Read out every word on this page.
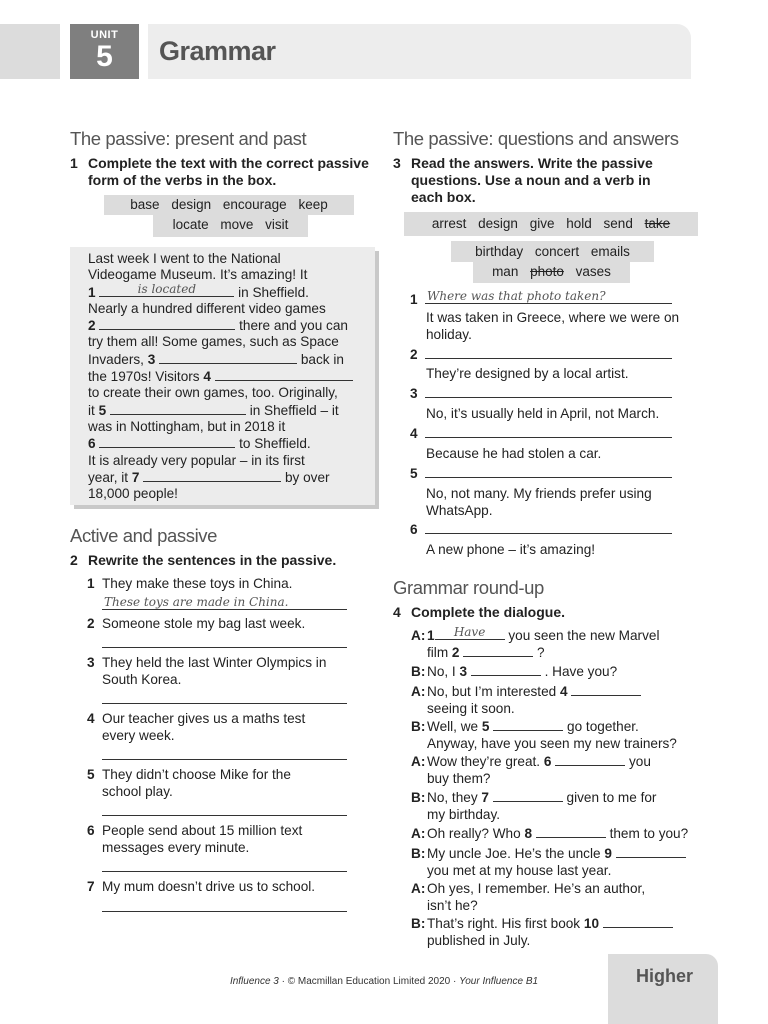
UNIT
5	Grammar
The passive: present and past
1 Complete the text with the correct passive form of the verbs in the box.
base design encourage keep
locate move visit

Last week I went to the National

Videogame Museum. It’s amazing! It

1	is located	in Sheffield.

Nearly a hundred different video games

2	there and you can

try them all! Some games, such as Space

Invaders, 3	back in

the 1970s! Visitors 4

to create their own games, too. Originally,

it 5	in Sheffield – it

was in Nottingham, but in 2018 it

6	to Sheffield.

It is already very popular – in its first

year, it 7	by over

18,000 people!

Active and passive
2 Rewrite the sentences in the passive.
1 They make these toys in China.
These toys are made in China.
2 Someone stole my bag last week.
3 They held the last Winter Olympics in South Korea.
4 Our teacher gives us a maths test every week.
5 They didn’t choose Mike for the school play.
6 People send about 15 million text messages every minute.
7 My mum doesn’t drive us to school.
The passive: questions and answers
3 Read the answers. Write the passive questions. Use a noun and a verb in each box.
arrest design give hold send take
birthday concert emails
man photo vases
1 Where was that photo taken?
It was taken in Greece, where we were on holiday.
2
They’re designed by a local artist.
3
No, it’s usually held in April, not March.
4
Because he had stolen a car.
5
No, not many. My friends prefer using WhatsApp.
6
A new phone – it’s amazing!
Grammar round-up
4 Complete the dialogue.
A: 1	Have	you seen the new Marvel
film 2	?
B: No, I 3	. Have you?
A: No, but I’m interested 4
seeing it soon.
B: Well, we 5	go together.
Anyway, have you seen my new trainers?
A: Wow they’re great. 6	you
buy them?
B: No, they 7	given to me for
my birthday.
A: Oh really? Who 8	them to you?
B: My uncle Joe. He’s the uncle 9
you met at my house last year.
A: Oh yes, I remember. He’s an author,
isn’t he?
B: That’s right. His first book 10
published in July.
Influence 3 · © Macmillan Education Limited 2020 · Your Influence B1	Higher
